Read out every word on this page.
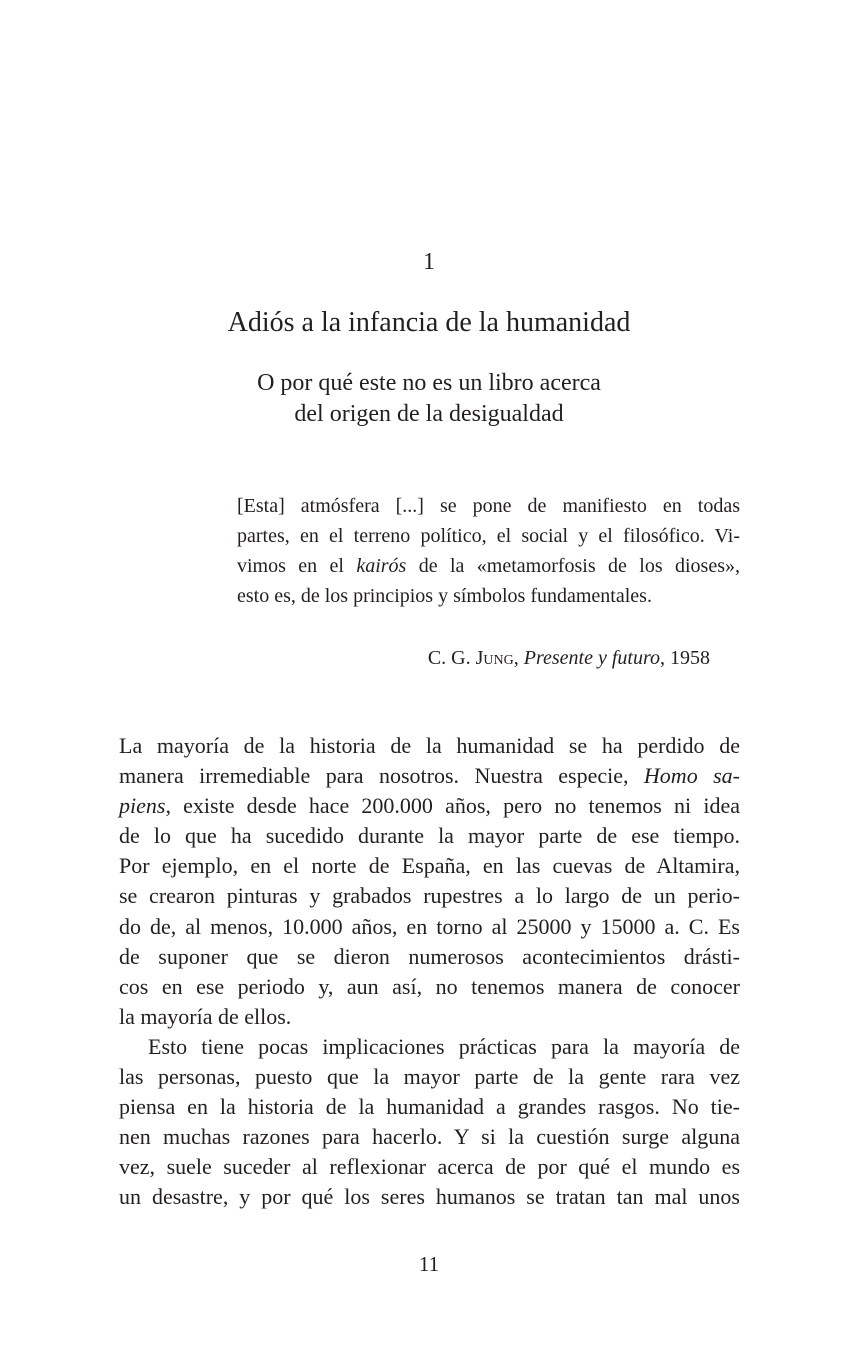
1
Adiós a la infancia de la humanidad
O por qué este no es un libro acerca
del origen de la desigualdad
[Esta] atmósfera [...] se pone de manifiesto en todas
partes, en el terreno político, el social y el filosófico. Vi-
vimos en el kairós de la «metamorfosis de los dioses»,
esto es, de los principios y símbolos fundamentales.
C. G. Jung, Presente y futuro, 1958
La mayoría de la historia de la humanidad se ha perdido de
manera irremediable para nosotros. Nuestra especie, Homo sa-
piens, existe desde hace 200.000 años, pero no tenemos ni idea
de lo que ha sucedido durante la mayor parte de ese tiempo.
Por ejemplo, en el norte de España, en las cuevas de Altamira,
se crearon pinturas y grabados rupestres a lo largo de un perio-
do de, al menos, 10.000 años, en torno al 25000 y 15000 a. C. Es
de suponer que se dieron numerosos acontecimientos drásti-
cos en ese periodo y, aun así, no tenemos manera de conocer
la mayoría de ellos.
Esto tiene pocas implicaciones prácticas para la mayoría de
las personas, puesto que la mayor parte de la gente rara vez
piensa en la historia de la humanidad a grandes rasgos. No tie-
nen muchas razones para hacerlo. Y si la cuestión surge alguna
vez, suele suceder al reflexionar acerca de por qué el mundo es
un desastre, y por qué los seres humanos se tratan tan mal unos
11
